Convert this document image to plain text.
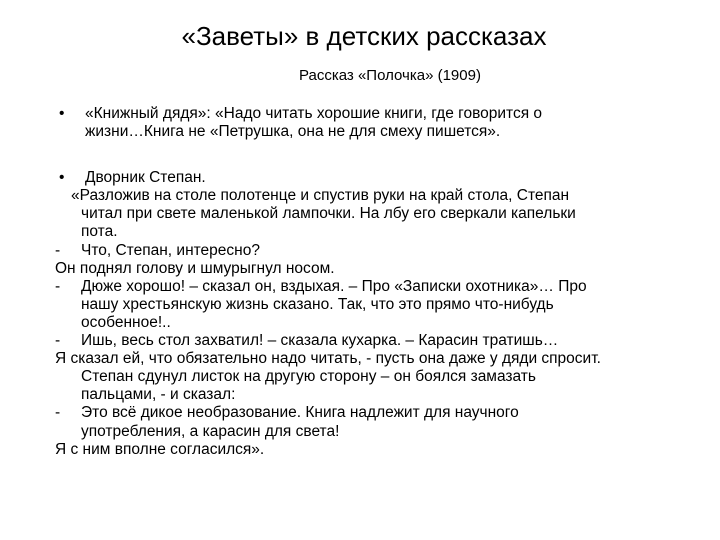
«Заветы» в детских рассказах
Рассказ «Полочка» (1909)
• «Книжный дядя»: «Надо читать хорошие книги, где говорится о
жизни…Книга не «Петрушка, она не для смеху пишется».
• Дворник Степан.
«Разложив на столе полотенце и спустив руки на край стола, Степан
читал при свете маленькой лампочки. На лбу его сверкали капельки
пота.
- Что, Степан, интересно?
Он поднял голову и шмурыгнул носом.
- Дюже хорошо! – сказал он, вздыхая. – Про «Записки охотника»… Про
нашу хрестьянскую жизнь сказано. Так, что это прямо что-нибудь
особенное!..
- Ишь, весь стол захватил! – сказала кухарка. – Карасин тратишь…
Я сказал ей, что обязательно надо читать, - пусть она даже у дяди спросит.
Степан сдунул листок на другую сторону – он боялся замазать
пальцами, - и сказал:
- Это всё дикое необразование. Книга надлежит для научного
употребления, а карасин для света!
Я с ним вполне согласился».
